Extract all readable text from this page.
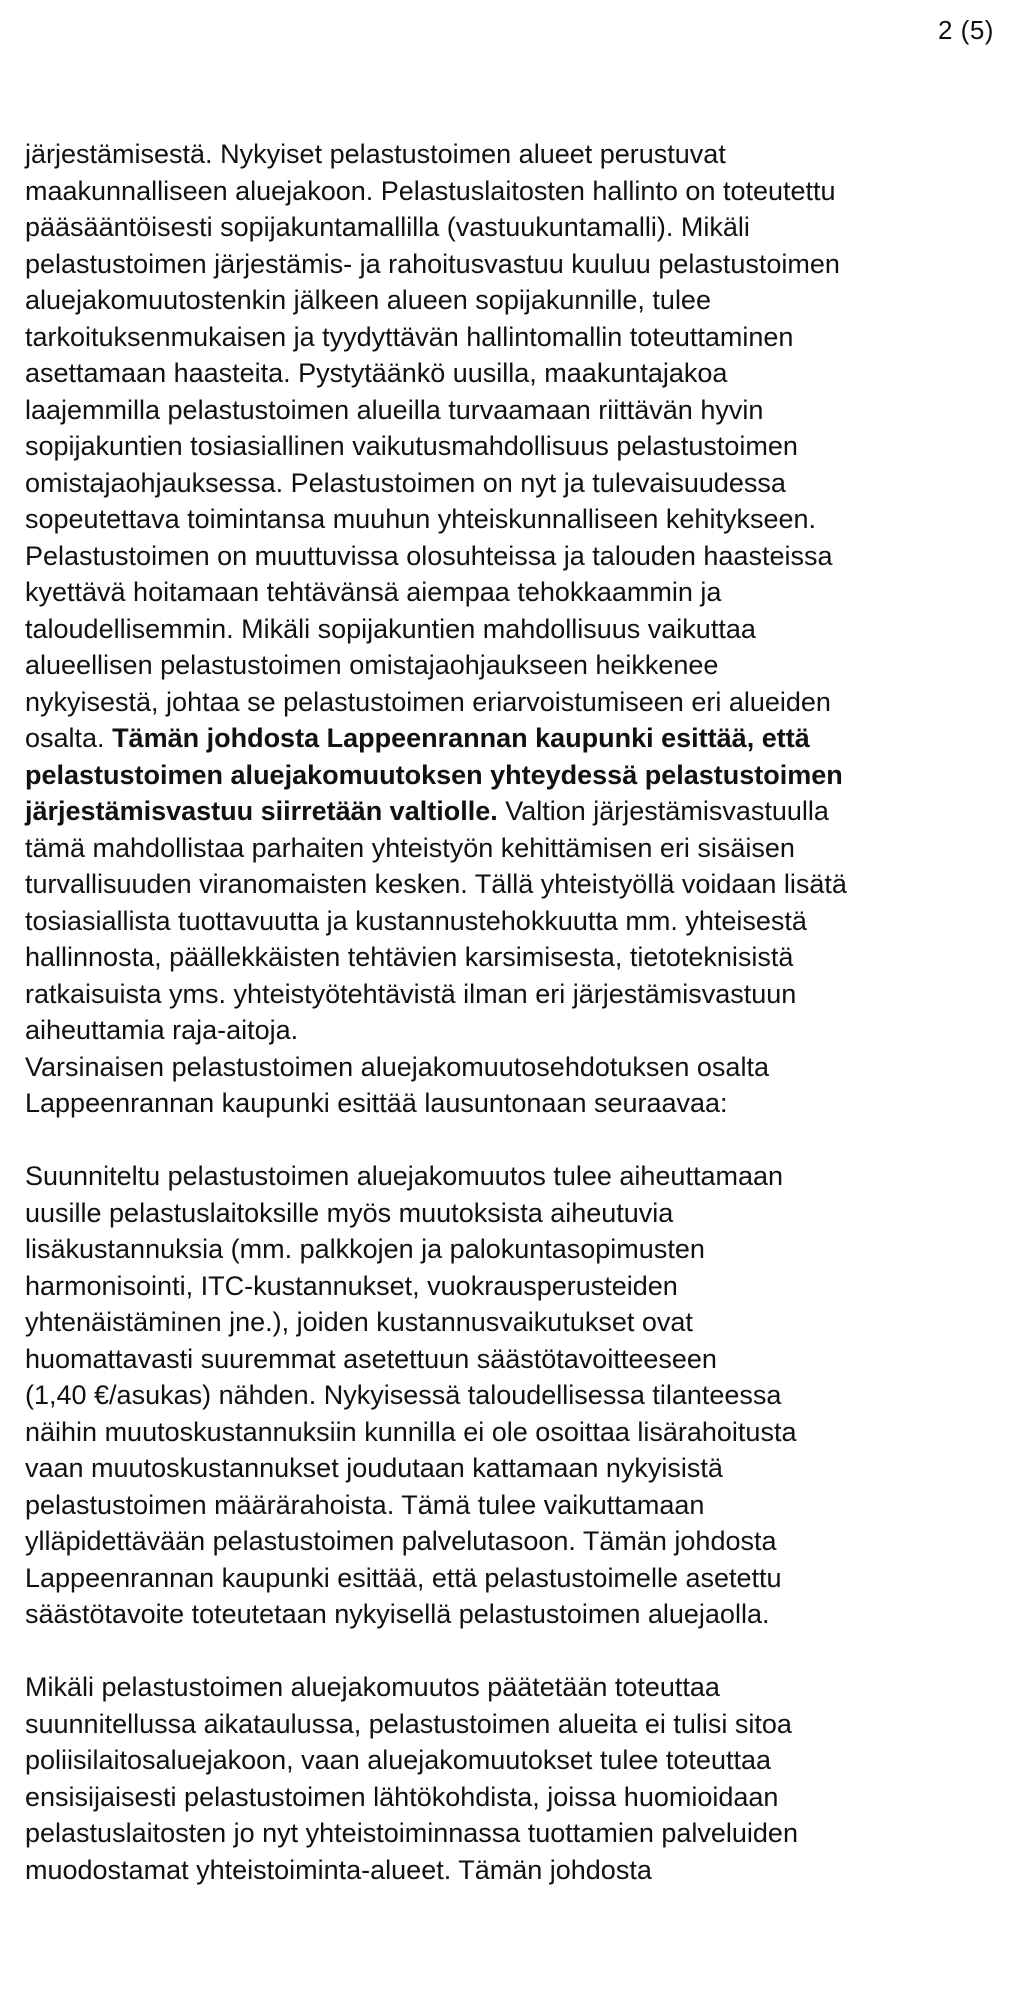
2 (5)
järjestämisestä. Nykyiset pelastustoimen alueet perustuvat
maakunnalliseen aluejakoon. Pelastuslaitosten hallinto on toteutettu
pääsääntöisesti sopijakuntamallilla (vastuukuntamalli). Mikäli
pelastustoimen järjestämis- ja rahoitusvastuu kuuluu pelastustoimen
aluejakomuutostenkin jälkeen alueen sopijakunnille, tulee
tarkoituksenmukaisen ja tyydyttävän hallintomallin toteuttaminen
asettamaan haasteita. Pystytäänkö uusilla, maakuntajakoa
laajemmilla pelastustoimen alueilla turvaamaan riittävän hyvin
sopijakuntien tosiasiallinen vaikutusmahdollisuus pelastustoimen
omistajaohjauksessa. Pelastustoimen on nyt ja tulevaisuudessa
sopeutettava toimintansa muuhun yhteiskunnalliseen kehitykseen.
Pelastustoimen on muuttuvissa olosuhteissa ja talouden haasteissa
kyettävä hoitamaan tehtävänsä aiempaa tehokkaammin ja
taloudellisemmin. Mikäli sopijakuntien mahdollisuus vaikuttaa
alueellisen pelastustoimen omistajaohjaukseen heikkenee
nykyisestä, johtaa se pelastustoimen eriarvoistumiseen eri alueiden
osalta. Tämän johdosta Lappeenrannan kaupunki esittää, että
pelastustoimen aluejakomuutoksen yhteydessä pelastustoimen
järjestämisvastuu siirretään valtiolle. Valtion järjestämisvastuulla
tämä mahdollistaa parhaiten yhteistyön kehittämisen eri sisäisen
turvallisuuden viranomaisten kesken. Tällä yhteistyöllä voidaan lisätä
tosiasiallista tuottavuutta ja kustannustehokkuutta mm. yhteisestä
hallinnosta, päällekkäisten tehtävien karsimisesta, tietoteknisistä
ratkaisuista yms. yhteistyötehtävistä ilman eri järjestämisvastuun
aiheuttamia raja-aitoja.
Varsinaisen pelastustoimen aluejakomuutosehdotuksen osalta
Lappeenrannan kaupunki esittää lausuntonaan seuraavaa:
Suunniteltu pelastustoimen aluejakomuutos tulee aiheuttamaan
uusille pelastuslaitoksille myös muutoksista aiheutuvia
lisäkustannuksia (mm. palkkojen ja palokuntasopimusten
harmonisointi, ITC-kustannukset, vuokrausperusteiden
yhtenäistäminen jne.), joiden kustannusvaikutukset ovat
huomattavasti suuremmat asetettuun säästötavoitteeseen
(1,40 €/asukas) nähden. Nykyisessä taloudellisessa tilanteessa
näihin muutoskustannuksiin kunnilla ei ole osoittaa lisärahoitusta
vaan muutoskustannukset joudutaan kattamaan nykyisistä
pelastustoimen määrärahoista. Tämä tulee vaikuttamaan
ylläpidettävään pelastustoimen palvelutasoon. Tämän johdosta
Lappeenrannan kaupunki esittää, että pelastustoimelle asetettu
säästötavoite toteutetaan nykyisellä pelastustoimen aluejaolla.
Mikäli pelastustoimen aluejakomuutos päätetään toteuttaa
suunnitellussa aikataulussa, pelastustoimen alueita ei tulisi sitoa
poliisilaitosaluejakoon, vaan aluejakomuutokset tulee toteuttaa
ensisijaisesti pelastustoimen lähtökohdista, joissa huomioidaan
pelastuslaitosten jo nyt yhteistoiminnassa tuottamien palveluiden
muodostamat yhteistoiminta-alueet. Tämän johdosta
